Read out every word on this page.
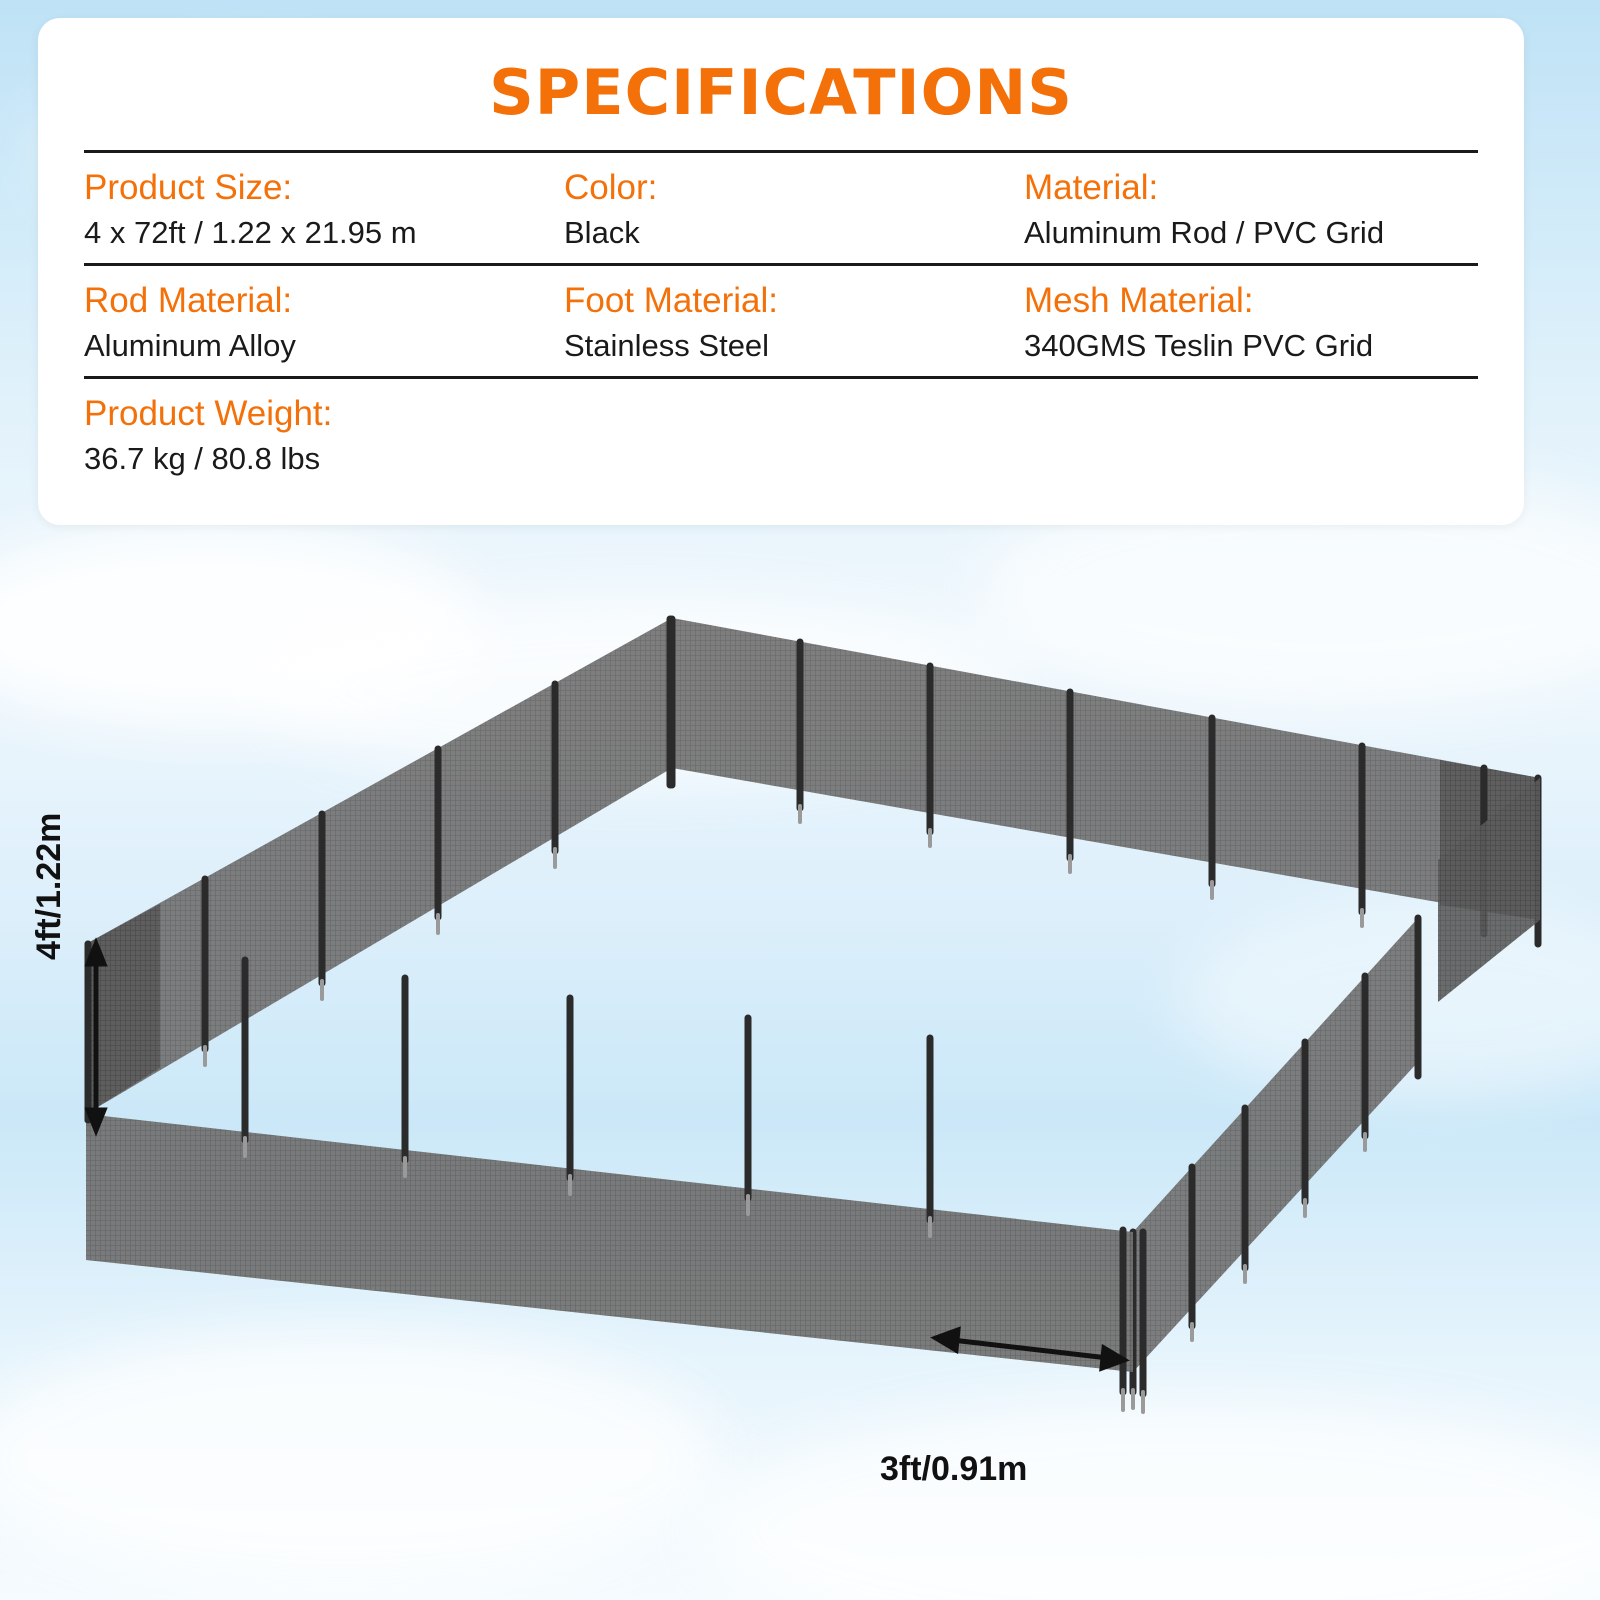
SPECIFICATIONS
Product Size:
4 x 72ft / 1.22 x 21.95 m
Color:
Black
Material:
Aluminum Rod / PVC Grid
Rod Material:
Aluminum Alloy
Foot Material:
Stainless Steel
Mesh Material:
340GMS Teslin PVC Grid
Product Weight:
36.7 kg / 80.8 lbs
4ft/1.22m
3ft/0.91m
